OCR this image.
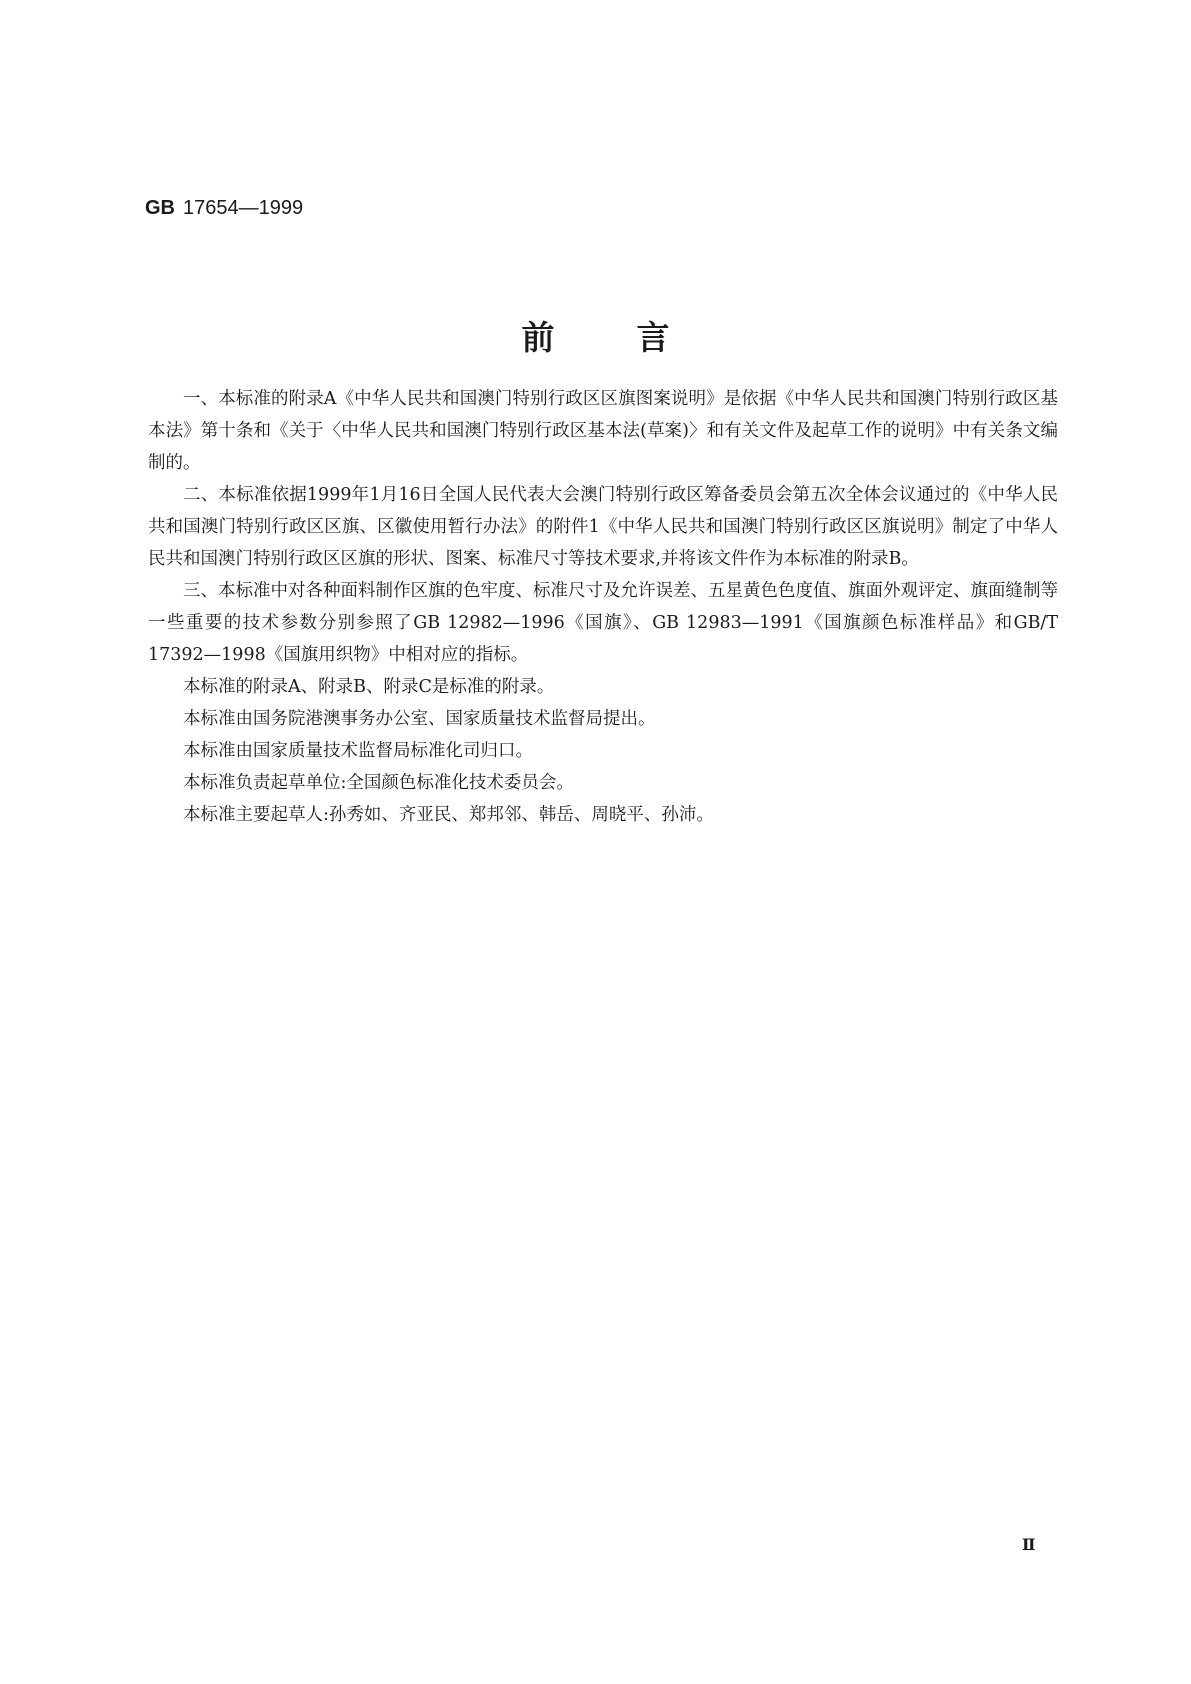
GB 17654—1999
前言

一、本标准的附录A《中华人民共和国澳门特别行政区区旗图案说明》是依据《中华人民共和国澳门特别行政区基本法》第十条和《关于〈中华人民共和国澳门特别行政区基本法(草案)〉和有关文件及起草工作的说明》中有关条文编制的。

二、本标准依据1999年1月16日全国人民代表大会澳门特别行政区筹备委员会第五次全体会议通过的《中华人民共和国澳门特别行政区区旗、区徽使用暂行办法》的附件1《中华人民共和国澳门特别行政区区旗说明》制定了中华人民共和国澳门特别行政区区旗的形状、图案、标准尺寸等技术要求,并将该文件作为本标准的附录B。

三、本标准中对各种面料制作区旗的色牢度、标准尺寸及允许误差、五星黄色色度值、旗面外观评定、旗面缝制等一些重要的技术参数分别参照了GB 12982—1996《国旗》、GB 12983—1991《国旗颜色标准样品》和GB/T 17392—1998《国旗用织物》中相对应的指标。

本标准的附录A、附录B、附录C是标准的附录。

本标准由国务院港澳事务办公室、国家质量技术监督局提出。

本标准由国家质量技术监督局标准化司归口。

本标准负责起草单位:全国颜色标准化技术委员会。

本标准主要起草人:孙秀如、齐亚民、郑邦邻、韩岳、周晓平、孙沛。

Ⅱ
